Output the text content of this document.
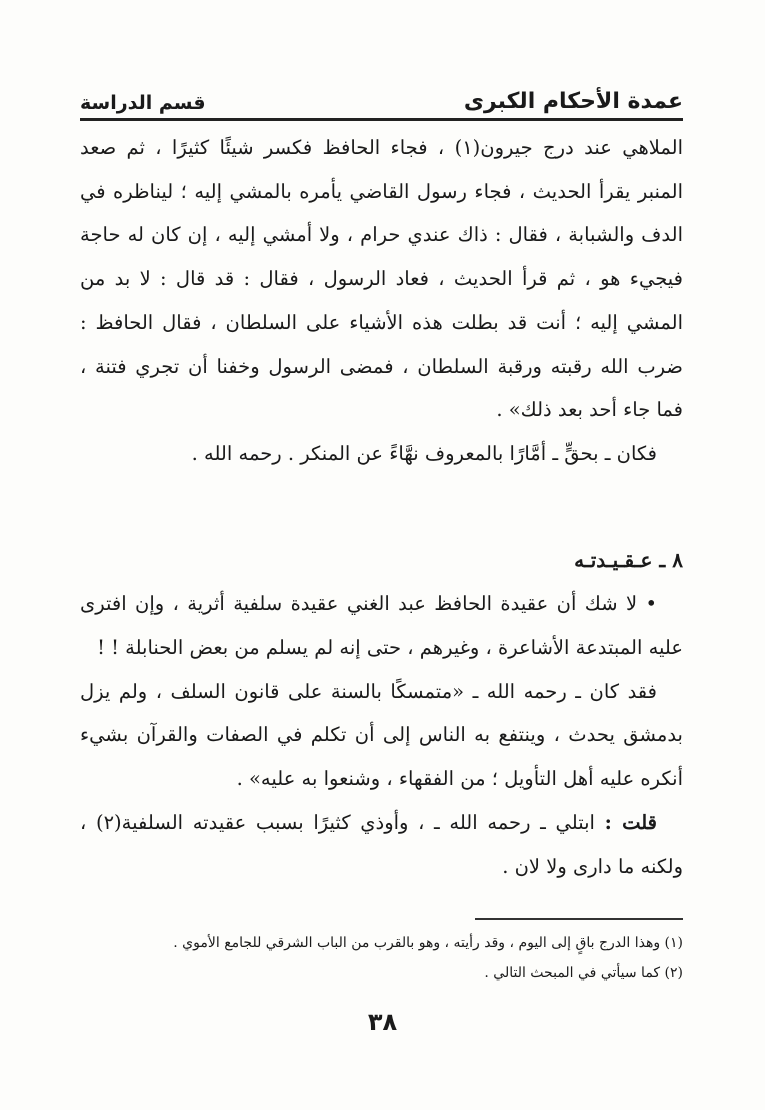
قسم الدراسة	عمدة الأحكام الكبرى

الملاهي عند درج جيرون(١) ، فجاء الحافظ فكسر شيئًا كثيرًا ، ثم صعد المنبر يقرأ الحديث ، فجاء رسول القاضي يأمره بالمشي إليه ؛ ليناظره في الدف والشبابة ، فقال : ذاك عندي حرام ، ولا أمشي إليه ، إن كان له حاجة فيجيء هو ، ثم قرأ الحديث ، فعاد الرسول ، فقال : قد قال : لا بد من المشي إليه ؛ أنت قد بطلت هذه الأشياء على السلطان ، فقال الحافظ : ضرب الله رقبته ورقبة السلطان ، فمضى الرسول وخفنا أن تجري فتنة ، فما جاء أحد بعد ذلك» .

فكان ـ بحقٍّ ـ أمَّارًا بالمعروف نهَّاءً عن المنكر . رحمه الله .

٨ ـ عـقـيـدتـه

• لا شك أن عقيدة الحافظ عبد الغني عقيدة سلفية أثرية ، وإن افترى عليه المبتدعة الأشاعرة ، وغيرهم ، حتى إنه لم يسلم من بعض الحنابلة ! !

فقد كان ـ رحمه الله ـ «متمسكًا بالسنة على قانون السلف ، ولم يزل بدمشق يحدث ، وينتفع به الناس إلى أن تكلم في الصفات والقرآن بشيء أنكره عليه أهل التأويل ؛ من الفقهاء ، وشنعوا به عليه» .

قلت : ابتلي ـ رحمه الله ـ ، وأوذي كثيرًا بسبب عقيدته السلفية(٢) ، ولكنه ما دارى ولا لان .

(١) وهذا الدرج باقٍ إلى اليوم ، وقد رأيته ، وهو بالقرب من الباب الشرقي للجامع الأموي .

(٢) كما سيأتي في المبحث التالي .

٣٨
